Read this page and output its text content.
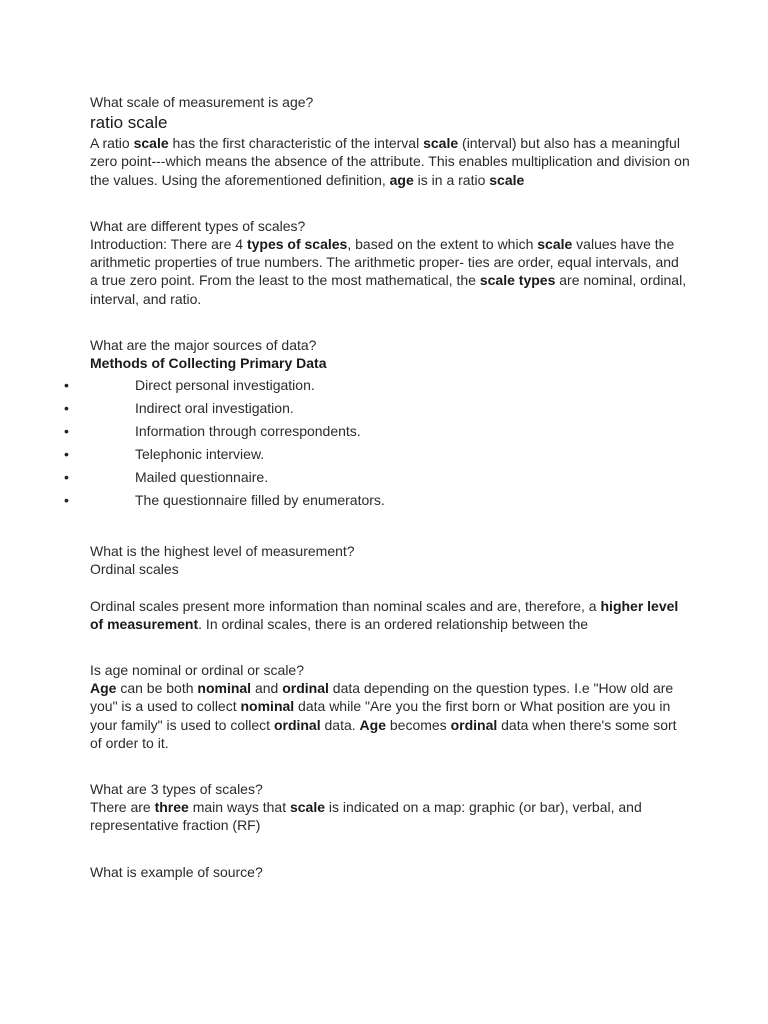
What scale of measurement is age?

ratio scale

A ratio scale has the first characteristic of the interval scale (interval) but also has a meaningful zero point---which means the absence of the attribute. This enables multiplication and division on the values. Using the aforementioned definition, age is in a ratio scale

What are different types of scales?

Introduction: There are 4 types of scales, based on the extent to which scale values have the arithmetic properties of true numbers. The arithmetic proper- ties are order, equal intervals, and a true zero point. From the least to the most mathematical, the scale types are nominal, ordinal, interval, and ratio.

What are the major sources of data?

Methods of Collecting Primary Data

•	Direct personal investigation.
•	Indirect oral investigation.
•	Information through correspondents.
•	Telephonic interview.
•	Mailed questionnaire.
•	The questionnaire filled by enumerators.

What is the highest level of measurement?

Ordinal scales

Ordinal scales present more information than nominal scales and are, therefore, a higher level of measurement. In ordinal scales, there is an ordered relationship between the

Is age nominal or ordinal or scale?

Age can be both nominal and ordinal data depending on the question types. I.e "How old are you" is a used to collect nominal data while "Are you the first born or What position are you in your family" is used to collect ordinal data. Age becomes ordinal data when there's some sort of order to it.

What are 3 types of scales?

There are three main ways that scale is indicated on a map: graphic (or bar), verbal, and representative fraction (RF)

What is example of source?
